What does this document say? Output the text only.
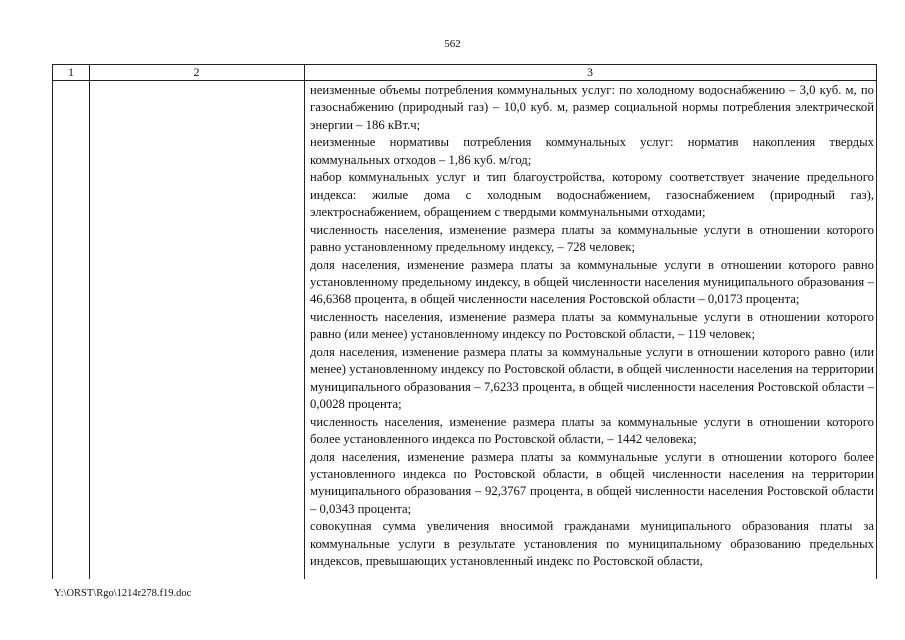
562
1	2	3

неизменные объемы потребления коммунальных услуг: по холодному водоснабжению – 3,0 куб. м, по газоснабжению (природный газ) – 10,0 куб. м, размер социальной нормы потребления электрической энергии – 186 кВт.ч;

неизменные нормативы потребления коммунальных услуг: норматив накопления твердых коммунальных отходов – 1,86 куб. м/год;

набор коммунальных услуг и тип благоустройства, которому соответствует значение предельного индекса: жилые дома с холодным водоснабжением, газоснабжением (природный газ), электроснабжением, обращением с твердыми коммунальными отходами;

численность населения, изменение размера платы за коммунальные услуги в отношении которого равно установленному предельному индексу, – 728 человек;

доля населения, изменение размера платы за коммунальные услуги в отношении которого равно установленному предельному индексу, в общей численности населения муниципального образования – 46,6368 процента, в общей численности населения Ростовской области – 0,0173 процента;

численность населения, изменение размера платы за коммунальные услуги в отношении которого равно (или менее) установленному индексу по Ростовской области, – 119 человек;

доля населения, изменение размера платы за коммунальные услуги в отношении которого равно (или менее) установленному индексу по Ростовской области, в общей численности населения на территории муниципального образования – 7,6233 процента, в общей численности населения Ростовской области – 0,0028 процента;

численность населения, изменение размера платы за коммунальные услуги в отношении которого более установленного индекса по Ростовской области, – 1442 человека;

доля населения, изменение размера платы за коммунальные услуги в отношении которого более установленного индекса по Ростовской области, в общей численности населения на территории муниципального образования – 92,3767 процента, в общей численности населения Ростовской области – 0,0343 процента;

совокупная сумма увеличения вносимой гражданами муниципального образования платы за коммунальные услуги в результате установления по муниципальному образованию предельных индексов, превышающих установленный индекс по Ростовской области,

Y:\ORST\Rgo\1214r278.f19.doc
